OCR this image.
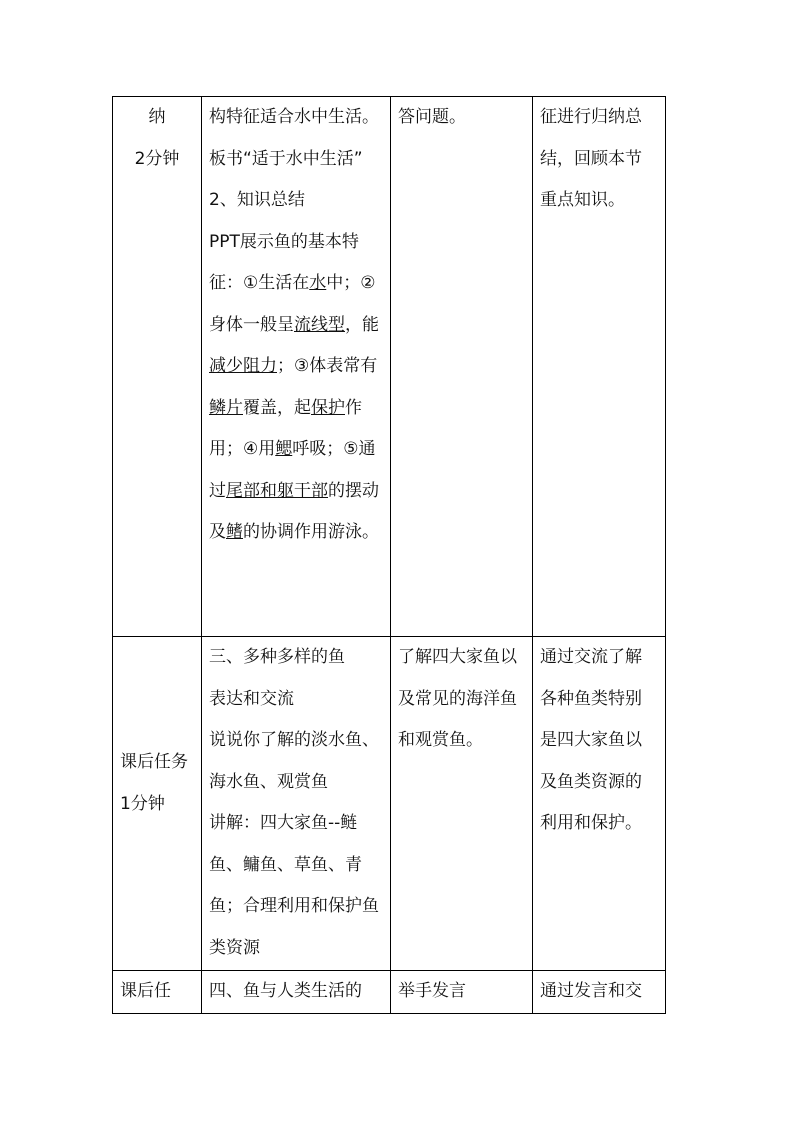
纳
2分钟	构特征适合水中生活。板书“适于水中生活”
2、知识总结
PPT展示鱼的基本特征：①生活在水中；②身体一般呈流线型，能减少阻力；③体表常有鳞片覆盖，起保护作用；④用鳃呼吸；⑤通过尾部和躯干部的摆动及鳍的协调作用游泳。	答问题。	征进行归纳总结，回顾本节重点知识。
课后任务1分钟	三、多种多样的鱼
表达和交流
说说你了解的淡水鱼、海水鱼、观赏鱼
讲解：四大家鱼--鲢鱼、鳙鱼、草鱼、青鱼；合理利用和保护鱼类资源	了解四大家鱼以及常见的海洋鱼和观赏鱼。	通过交流了解各种鱼类特别是四大家鱼以及鱼类资源的利用和保护。
课后任	四、鱼与人类生活的	举手发言	通过发言和交
